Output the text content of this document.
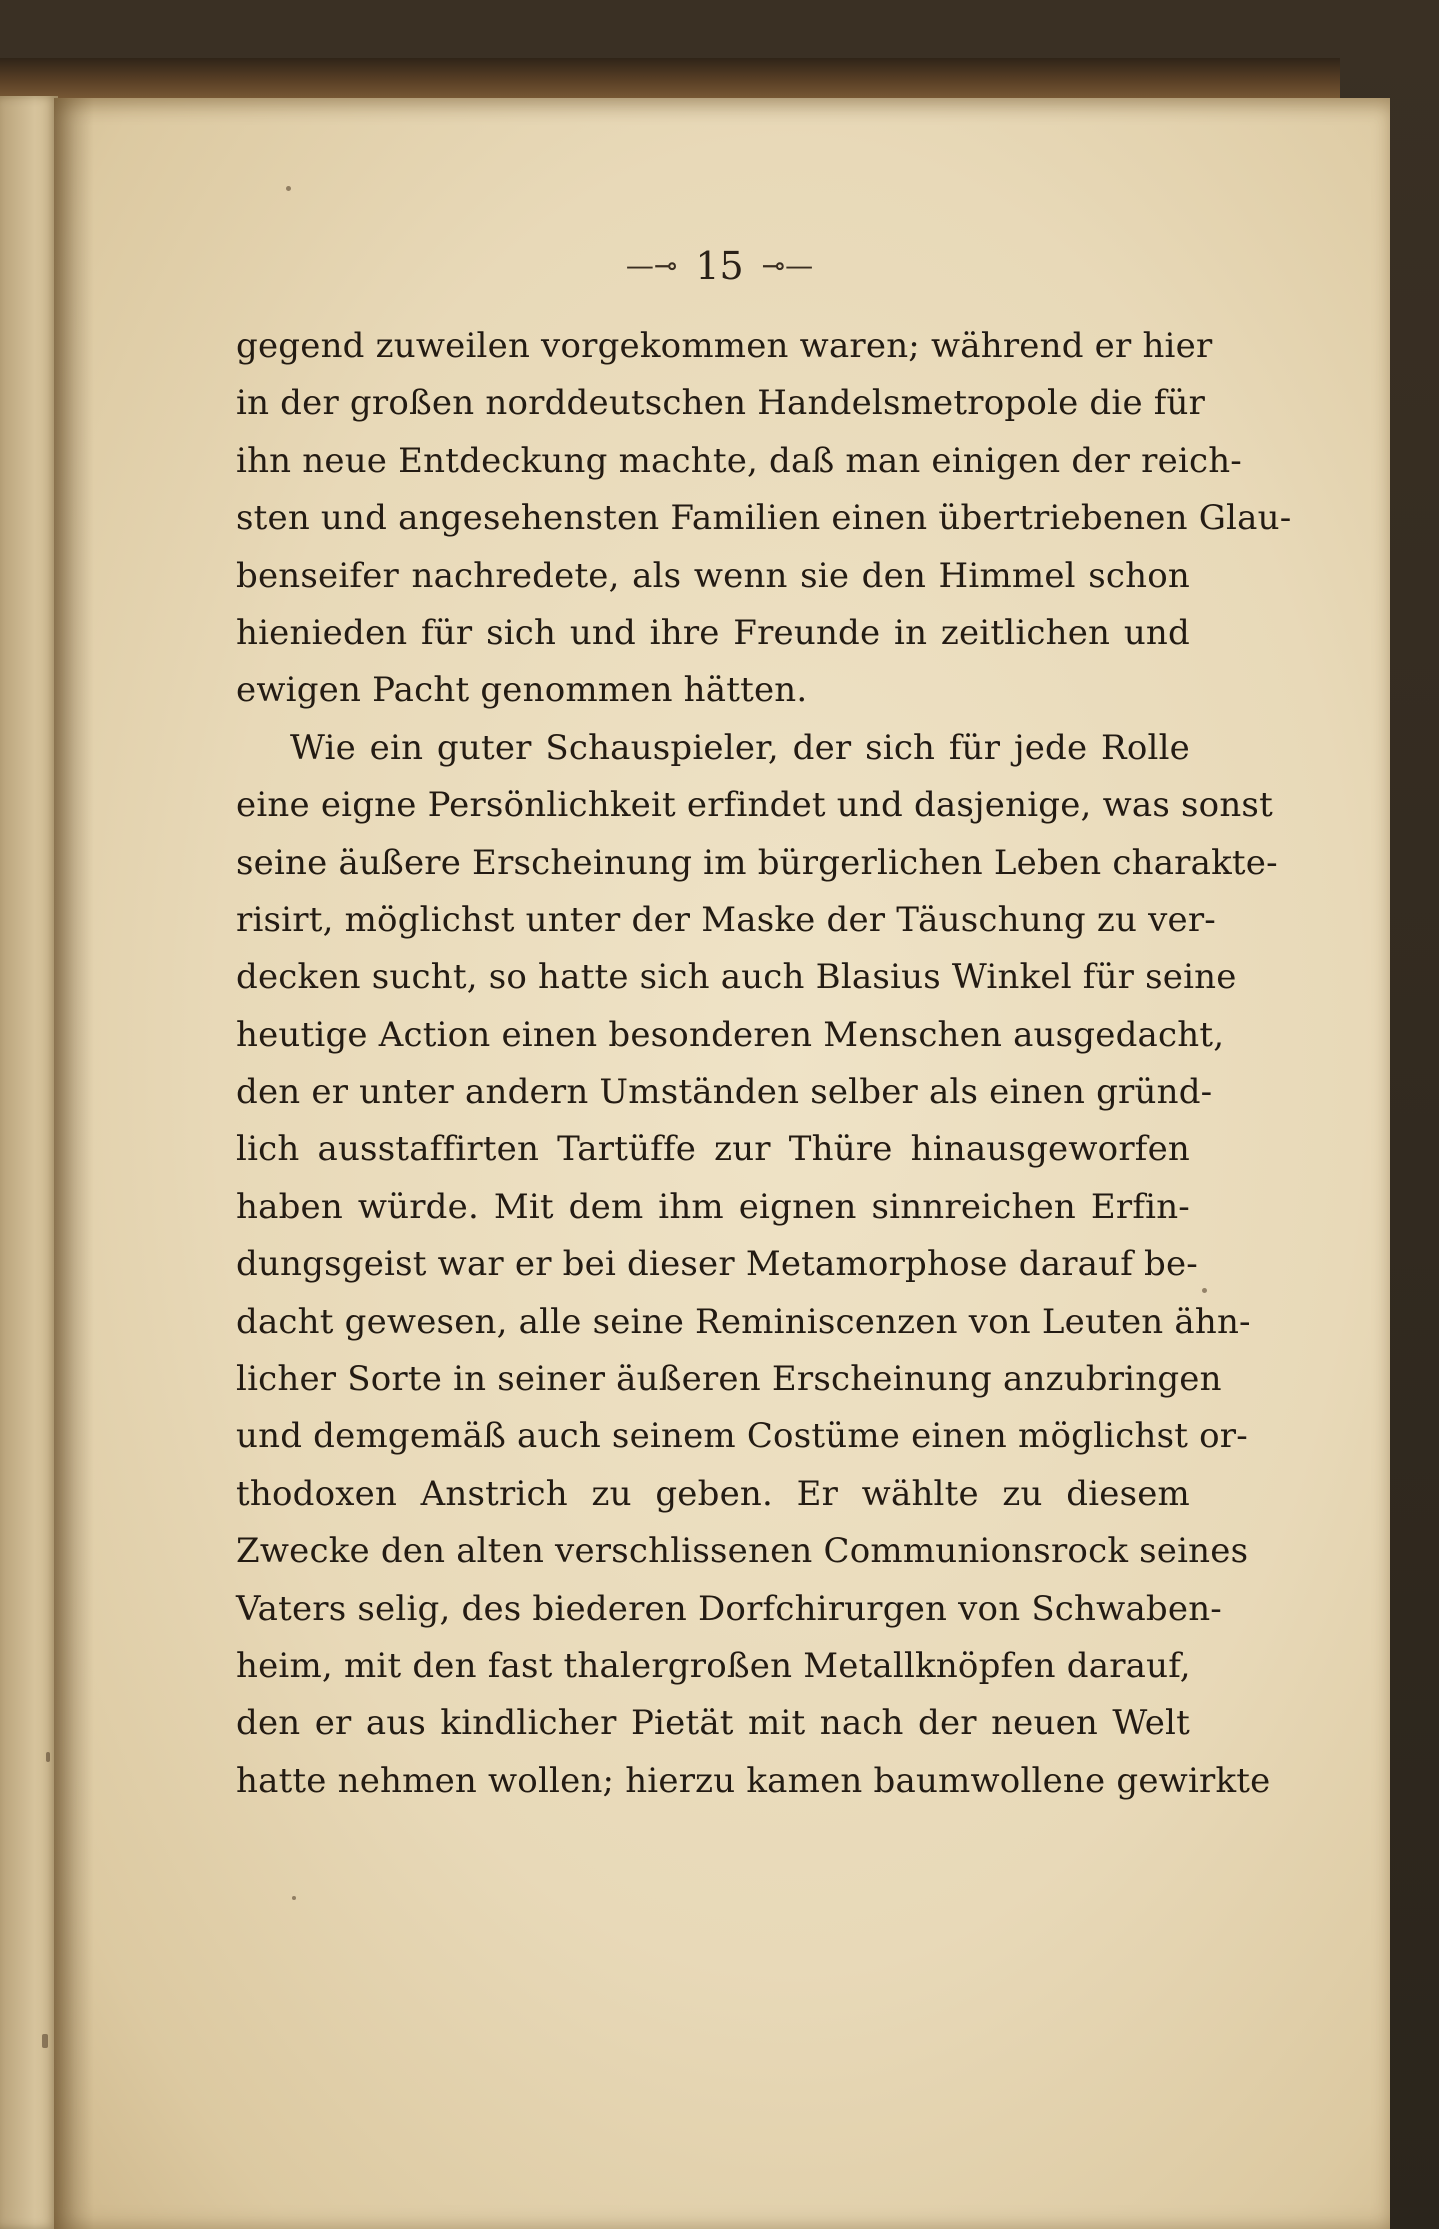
—⊸ 15 ⊸—
gegend zuweilen vorgekommen waren; während er hier
in der großen norddeutschen Handelsmetropole die für
ihn neue Entdeckung machte, daß man einigen der reich-
sten und angesehensten Familien einen übertriebenen Glau-
benseifer nachredete, als wenn sie den Himmel schon
hienieden für sich und ihre Freunde in zeitlichen und
ewigen Pacht genommen hätten.
Wie ein guter Schauspieler, der sich für jede Rolle
eine eigne Persönlichkeit erfindet und dasjenige, was sonst
seine äußere Erscheinung im bürgerlichen Leben charakte-
risirt, möglichst unter der Maske der Täuschung zu ver-
decken sucht, so hatte sich auch Blasius Winkel für seine
heutige Action einen besonderen Menschen ausgedacht,
den er unter andern Umständen selber als einen gründ-
lich ausstaffirten Tartüffe zur Thüre hinausgeworfen
haben würde. Mit dem ihm eignen sinnreichen Erfin-
dungsgeist war er bei dieser Metamorphose darauf be-
dacht gewesen, alle seine Reminiscenzen von Leuten ähn-
licher Sorte in seiner äußeren Erscheinung anzubringen
und demgemäß auch seinem Costüme einen möglichst or-
thodoxen Anstrich zu geben. Er wählte zu diesem
Zwecke den alten verschlissenen Communionsrock seines
Vaters selig, des biederen Dorfchirurgen von Schwaben-
heim, mit den fast thalergroßen Metallknöpfen darauf,
den er aus kindlicher Pietät mit nach der neuen Welt
hatte nehmen wollen; hierzu kamen baumwollene gewirkte
